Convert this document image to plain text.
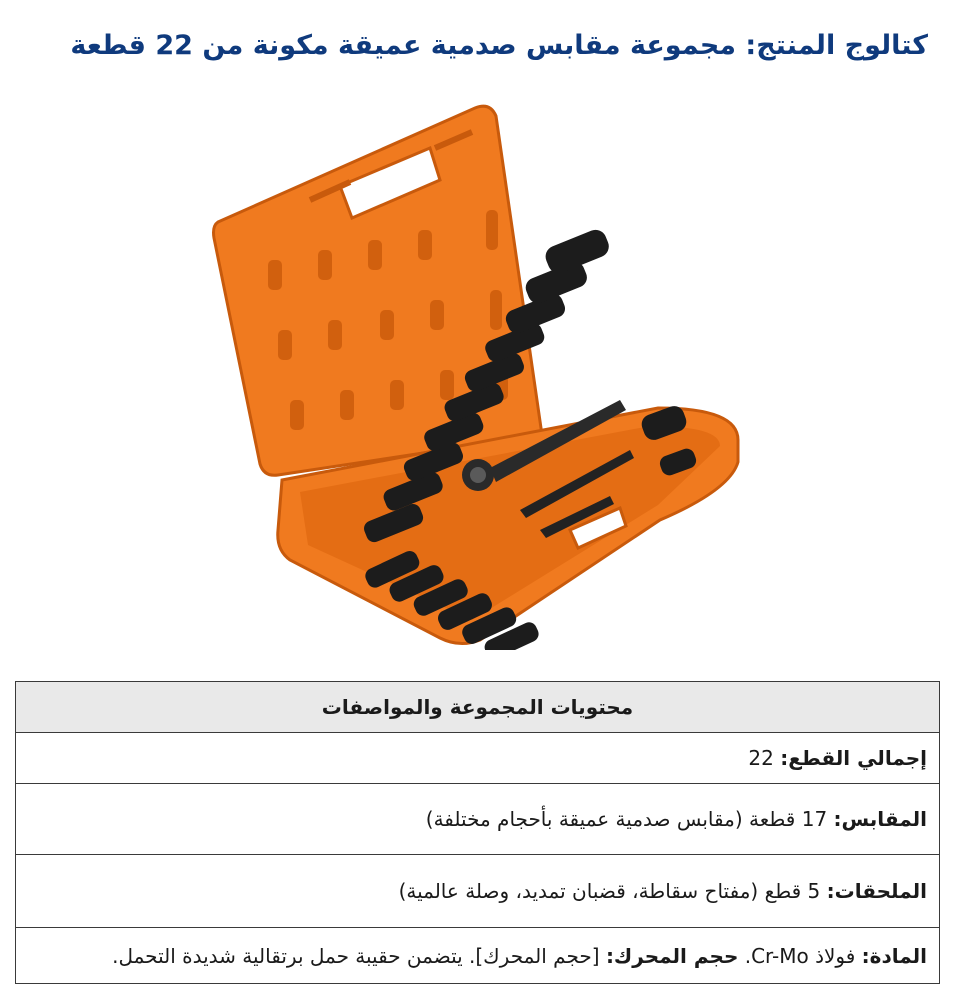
كتالوج المنتج: مجموعة مقابس صدمية عميقة مكونة من 22 قطعة
محتويات المجموعة والمواصفات
إجمالي القطع: 22
المقابس: 17 قطعة (مقابس صدمية عميقة بأحجام مختلفة)
الملحقات: 5 قطع (مفتاح سقاطة، قضبان تمديد، وصلة عالمية)
المادة: فولاذ Cr-Mo. حجم المحرك: [حجم المحرك]. يتضمن حقيبة حمل برتقالية شديدة التحمل.
